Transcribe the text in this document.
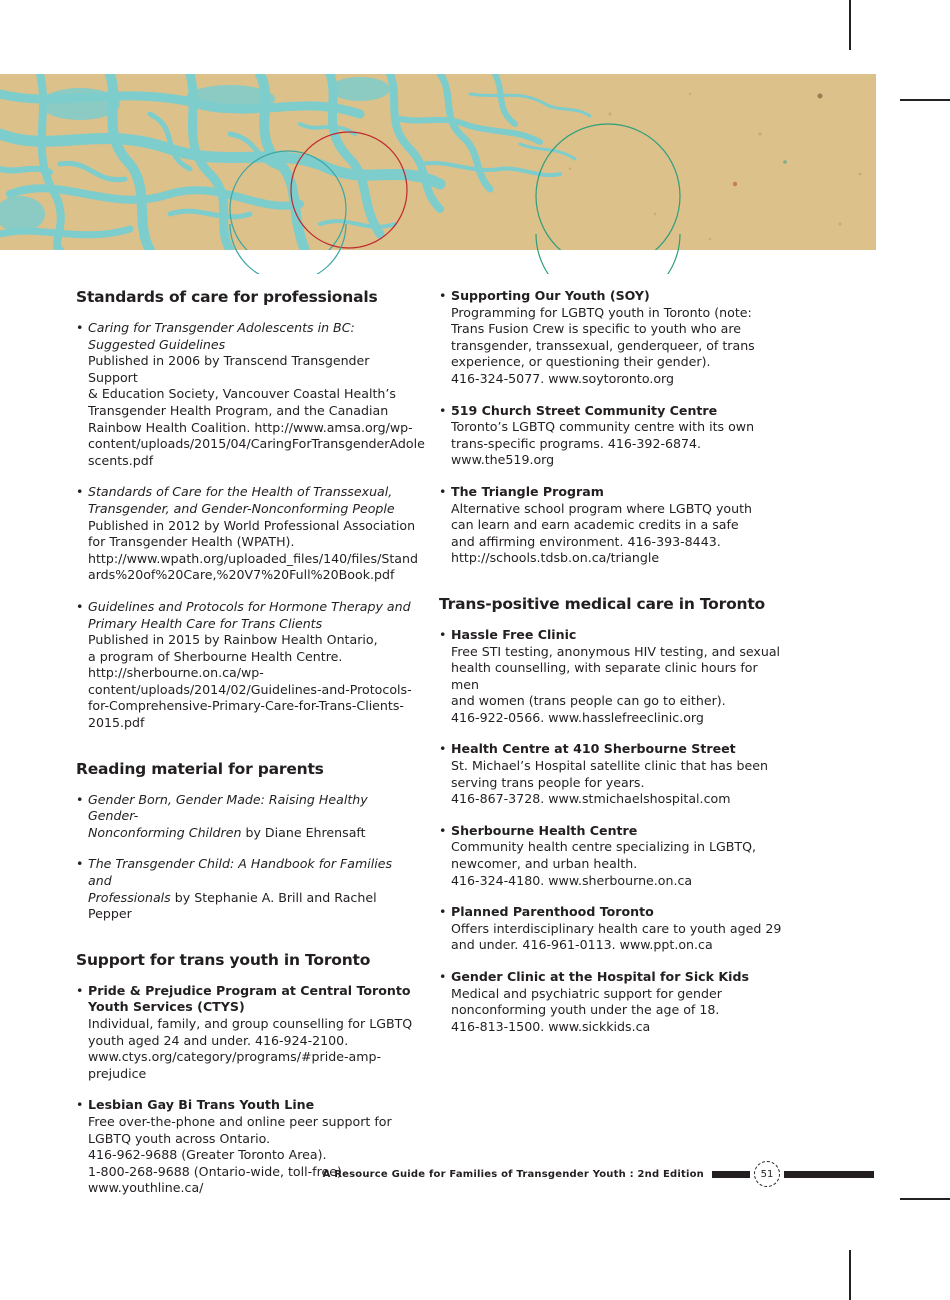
Standards of care for professionals
• Caring for Transgender Adolescents in BC:
Suggested Guidelines
Published in 2006 by Transcend Transgender Support
& Education Society, Vancouver Coastal Health’s
Transgender Health Program, and the Canadian
Rainbow Health Coalition. http://www.amsa.org/wp-
content/uploads/2015/04/CaringForTransgenderAdole
scents.pdf
• Standards of Care for the Health of Transsexual,
Transgender, and Gender-Nonconforming People
Published in 2012 by World Professional Association
for Transgender Health (WPATH).
http://www.wpath.org/uploaded_files/140/files/Stand
ards%20of%20Care,%20V7%20Full%20Book.pdf
• Guidelines and Protocols for Hormone Therapy and
Primary Health Care for Trans Clients
Published in 2015 by Rainbow Health Ontario,
a program of Sherbourne Health Centre.
http://sherbourne.on.ca/wp-
content/uploads/2014/02/Guidelines-and-Protocols-
for-Comprehensive-Primary-Care-for-Trans-Clients-
2015.pdf
Reading material for parents
• Gender Born, Gender Made: Raising Healthy Gender-
Nonconforming Children by Diane Ehrensaft
• The Transgender Child: A Handbook for Families and
Professionals by Stephanie A. Brill and Rachel Pepper
Support for trans youth in Toronto
• Pride & Prejudice Program at Central Toronto
Youth Services (CTYS)
Individual, family, and group counselling for LGBTQ
youth aged 24 and under. 416-924-2100.
www.ctys.org/category/programs/#pride-amp-
prejudice
• Lesbian Gay Bi Trans Youth Line
Free over-the-phone and online peer support for
LGBTQ youth across Ontario.
416-962-9688 (Greater Toronto Area).
1-800-268-9688 (Ontario-wide, toll-free).
www.youthline.ca/
• Supporting Our Youth (SOY)
Programming for LGBTQ youth in Toronto (note:
Trans Fusion Crew is specific to youth who are
transgender, transsexual, genderqueer, of trans
experience, or questioning their gender).
416-324-5077. www.soytoronto.org
• 519 Church Street Community Centre
Toronto’s LGBTQ community centre with its own
trans-specific programs. 416-392-6874.
www.the519.org
• The Triangle Program
Alternative school program where LGBTQ youth
can learn and earn academic credits in a safe
and affirming environment. 416-393-8443.
http://schools.tdsb.on.ca/triangle
Trans-positive medical care in Toronto
• Hassle Free Clinic
Free STI testing, anonymous HIV testing, and sexual
health counselling, with separate clinic hours for men
and women (trans people can go to either).
416-922-0566. www.hasslefreeclinic.org
• Health Centre at 410 Sherbourne Street
St. Michael’s Hospital satellite clinic that has been
serving trans people for years.
416-867-3728. www.stmichaelshospital.com
• Sherbourne Health Centre
Community health centre specializing in LGBTQ,
newcomer, and urban health.
416-324-4180. www.sherbourne.on.ca
• Planned Parenthood Toronto
Offers interdisciplinary health care to youth aged 29
and under. 416-961-0113. www.ppt.on.ca
• Gender Clinic at the Hospital for Sick Kids
Medical and psychiatric support for gender
nonconforming youth under the age of 18.
416-813-1500. www.sickkids.ca
A Resource Guide for Families of Transgender Youth : 2nd Edition	51
